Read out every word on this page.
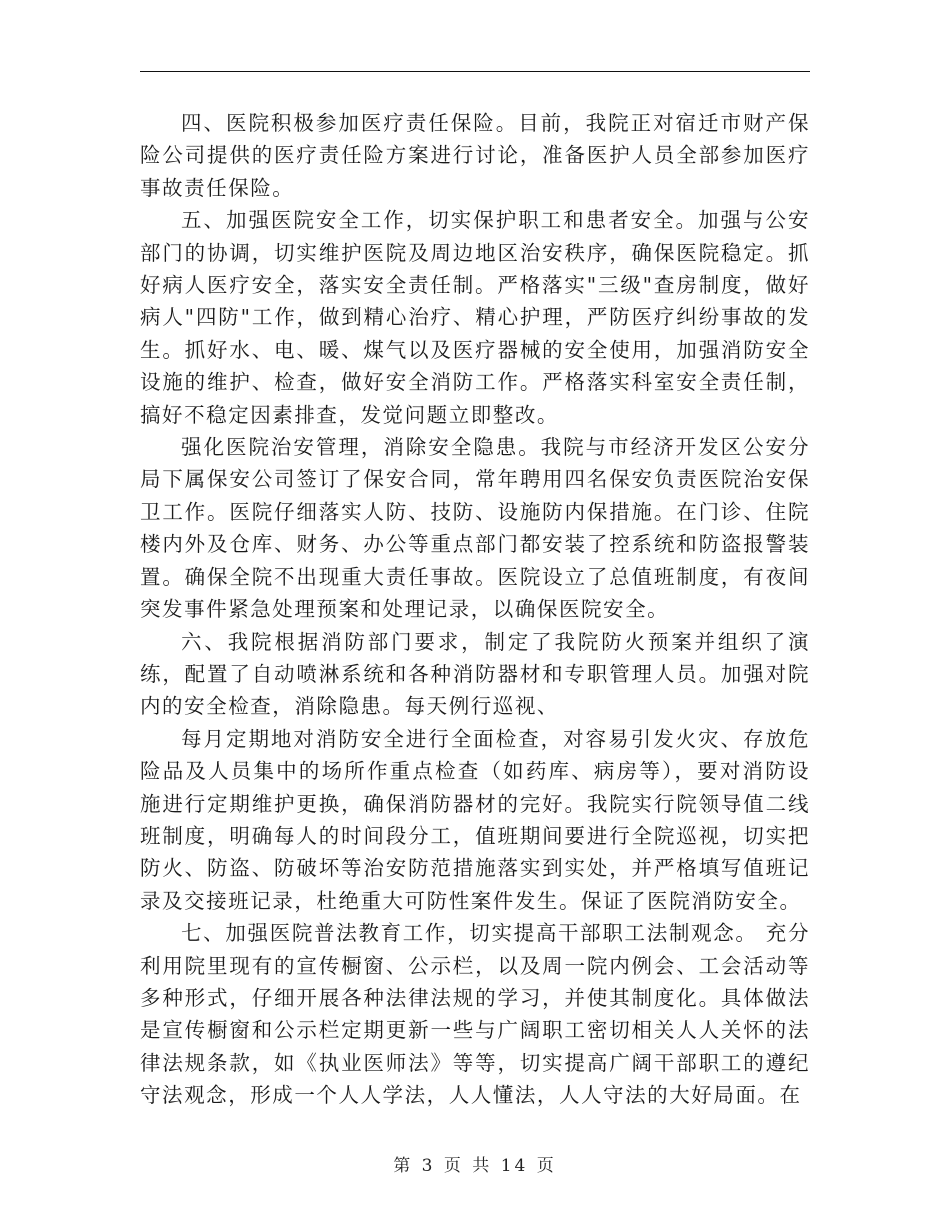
四、医院积极参加医疗责任保险。目前，我院正对宿迁市财产保险公司提供的医疗责任险方案进行讨论，准备医护人员全部参加医疗事故责任保险。

五、加强医院安全工作，切实保护职工和患者安全。加强与公安部门的协调，切实维护医院及周边地区治安秩序，确保医院稳定。抓好病人医疗安全，落实安全责任制。严格落实"三级"查房制度，做好病人"四防"工作，做到精心治疗、精心护理，严防医疗纠纷事故的发生。抓好水、电、暖、煤气以及医疗器械的安全使用，加强消防安全设施的维护、检查，做好安全消防工作。严格落实科室安全责任制，搞好不稳定因素排查，发觉问题立即整改。

强化医院治安管理，消除安全隐患。我院与市经济开发区公安分局下属保安公司签订了保安合同，常年聘用四名保安负责医院治安保卫工作。医院仔细落实人防、技防、设施防内保措施。在门诊、住院楼内外及仓库、财务、办公等重点部门都安装了控系统和防盗报警装置。确保全院不出现重大责任事故。医院设立了总值班制度，有夜间突发事件紧急处理预案和处理记录，以确保医院安全。

六、我院根据消防部门要求，制定了我院防火预案并组织了演练，配置了自动喷淋系统和各种消防器材和专职管理人员。加强对院内的安全检查，消除隐患。每天例行巡视、

每月定期地对消防安全进行全面检查，对容易引发火灾、存放危险品及人员集中的场所作重点检查（如药库、病房等），要对消防设施进行定期维护更换，确保消防器材的完好。我院实行院领导值二线班制度，明确每人的时间段分工，值班期间要进行全院巡视，切实把防火、防盗、防破坏等治安防范措施落实到实处，并严格填写值班记录及交接班记录，杜绝重大可防性案件发生。保证了医院消防安全。

七、加强医院普法教育工作，切实提高干部职工法制观念。 充分利用院里现有的宣传橱窗、公示栏，以及周一院内例会、工会活动等多种形式，仔细开展各种法律法规的学习，并使其制度化。具体做法是宣传橱窗和公示栏定期更新一些与广阔职工密切相关人人关怀的法律法规条款，如《执业医师法》等等，切实提高广阔干部职工的遵纪守法观念，形成一个人人学法，人人懂法，人人守法的大好局面。在

第 3 页 共 14 页
